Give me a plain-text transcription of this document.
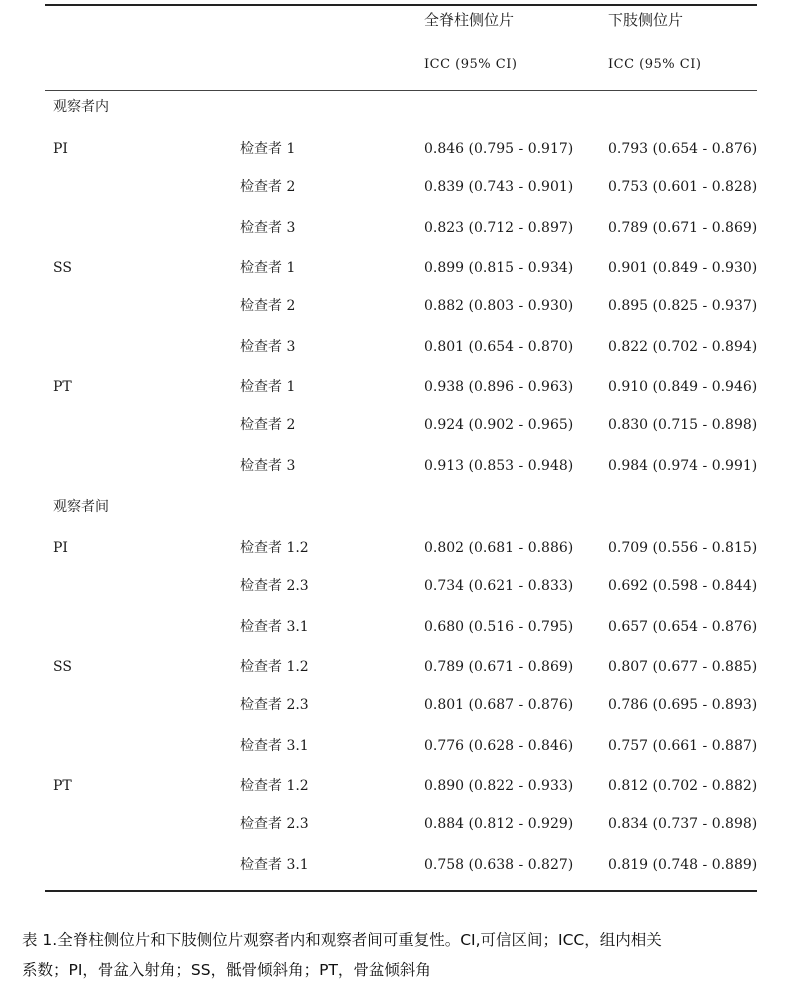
全脊柱侧位片	下肢侧位片
ICC (95% CI)	ICC (95% CI)
观察者内
PI	检查者 1	0.846 (0.795 - 0.917) 0.793 (0.654 - 0.876)
检查者 2	0.839 (0.743 - 0.901) 0.753 (0.601 - 0.828)
检查者 3	0.823 (0.712 - 0.897) 0.789 (0.671 - 0.869)
SS	检查者 1	0.899 (0.815 - 0.934) 0.901 (0.849 - 0.930)
检查者 2	0.882 (0.803 - 0.930) 0.895 (0.825 - 0.937)
检查者 3	0.801 (0.654 - 0.870) 0.822 (0.702 - 0.894)
PT	检查者 1	0.938 (0.896 - 0.963) 0.910 (0.849 - 0.946)
检查者 2	0.924 (0.902 - 0.965) 0.830 (0.715 - 0.898)
检查者 3	0.913 (0.853 - 0.948) 0.984 (0.974 - 0.991)
观察者间
PI	检查者 1.2	0.802 (0.681 - 0.886) 0.709 (0.556 - 0.815)
检查者 2.3	0.734 (0.621 - 0.833) 0.692 (0.598 - 0.844)
检查者 3.1	0.680 (0.516 - 0.795) 0.657 (0.654 - 0.876)
SS	检查者 1.2	0.789 (0.671 - 0.869) 0.807 (0.677 - 0.885)
检查者 2.3	0.801 (0.687 - 0.876) 0.786 (0.695 - 0.893)
检查者 3.1	0.776 (0.628 - 0.846) 0.757 (0.661 - 0.887)
PT	检查者 1.2	0.890 (0.822 - 0.933) 0.812 (0.702 - 0.882)
检查者 2.3	0.884 (0.812 - 0.929) 0.834 (0.737 - 0.898)
检查者 3.1	0.758 (0.638 - 0.827) 0.819 (0.748 - 0.889)
表 1.全脊柱侧位片和下肢侧位片观察者内和观察者间可重复性。CI,可信区间；ICC，组内相关
系数；PI，骨盆入射角；SS，骶骨倾斜角；PT，骨盆倾斜角
